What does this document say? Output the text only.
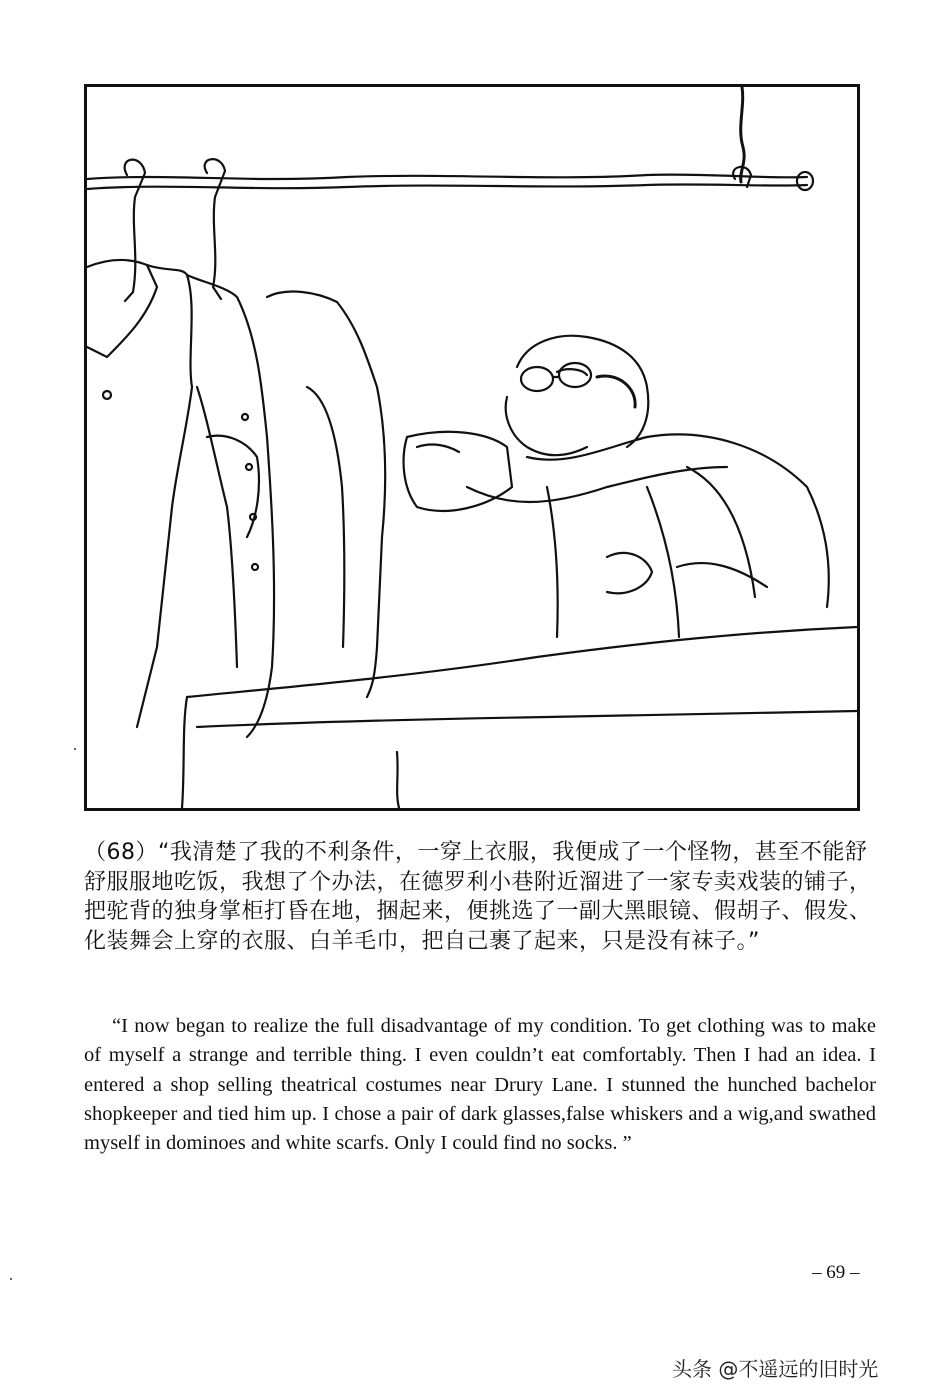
（68）“我清楚了我的不利条件，一穿上衣服，我便成了一个怪物，甚至不能舒舒服服地吃饭，我想了个办法，在德罗利小巷附近溜进了一家专卖戏装的铺子，把驼背的独身掌柜打昏在地，捆起来，便挑选了一副大黑眼镜、假胡子、假发、化装舞会上穿的衣服、白羊毛巾，把自己裹了起来，只是没有袜子。”

“I now began to realize the full disadvantage of my condition. To get clothing was to make of myself a strange and terrible thing. I even couldn’t eat comfortably. Then I had an idea. I entered a shop selling theatrical costumes near Drury Lane. I stunned the hunched bachelor shopkeeper and tied him up. I chose a pair of dark glasses,false whiskers and a wig,and swathed myself in dominoes and white scarfs. Only I could find no socks. ”

– 69 –
头条 @不遥远的旧时光
